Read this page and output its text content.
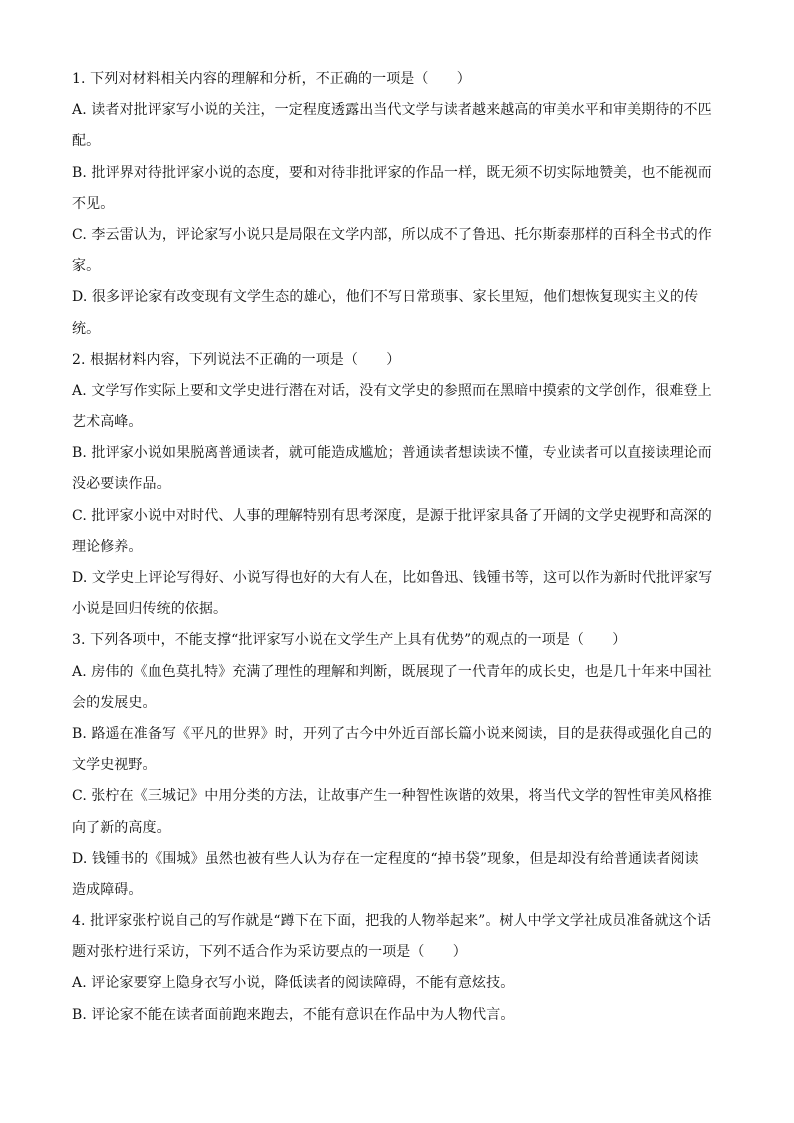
1. 下列对材料相关内容的理解和分析，不正确的一项是（　　）
A. 读者对批评家写小说的关注，一定程度透露出当代文学与读者越来越高的审美水平和审美期待的不匹
配。
B. 批评界对待批评家小说的态度，要和对待非批评家的作品一样，既无须不切实际地赞美，也不能视而
不见。
C. 李云雷认为，评论家写小说只是局限在文学内部，所以成不了鲁迅、托尔斯泰那样的百科全书式的作
家。
D. 很多评论家有改变现有文学生态的雄心，他们不写日常琐事、家长里短，他们想恢复现实主义的传
统。
2. 根据材料内容，下列说法不正确的一项是（　　）
A. 文学写作实际上要和文学史进行潜在对话，没有文学史的参照而在黑暗中摸索的文学创作，很难登上
艺术高峰。
B. 批评家小说如果脱离普通读者，就可能造成尴尬；普通读者想读读不懂，专业读者可以直接读理论而
没必要读作品。
C. 批评家小说中对时代、人事的理解特别有思考深度，是源于批评家具备了开阔的文学史视野和高深的
理论修养。
D. 文学史上评论写得好、小说写得也好的大有人在，比如鲁迅、钱锺书等，这可以作为新时代批评家写
小说是回归传统的依据。
3. 下列各项中，不能支撑“批评家写小说在文学生产上具有优势”的观点的一项是（　　）
A. 房伟的《血色莫扎特》充满了理性的理解和判断，既展现了一代青年的成长史，也是几十年来中国社
会的发展史。
B. 路遥在准备写《平凡的世界》时，开列了古今中外近百部长篇小说来阅读，目的是获得或强化自己的
文学史视野。
C. 张柠在《三城记》中用分类的方法，让故事产生一种智性诙谐的效果，将当代文学的智性审美风格推
向了新的高度。
D. 钱锺书的《围城》虽然也被有些人认为存在一定程度的“掉书袋”现象，但是却没有给普通读者阅读
造成障碍。
4. 批评家张柠说自己的写作就是“蹲下在下面，把我的人物举起来”。树人中学文学社成员准备就这个话
题对张柠进行采访，下列不适合作为采访要点的一项是（　　）
A. 评论家要穿上隐身衣写小说，降低读者的阅读障碍，不能有意炫技。
B. 评论家不能在读者面前跑来跑去，不能有意识在作品中为人物代言。
